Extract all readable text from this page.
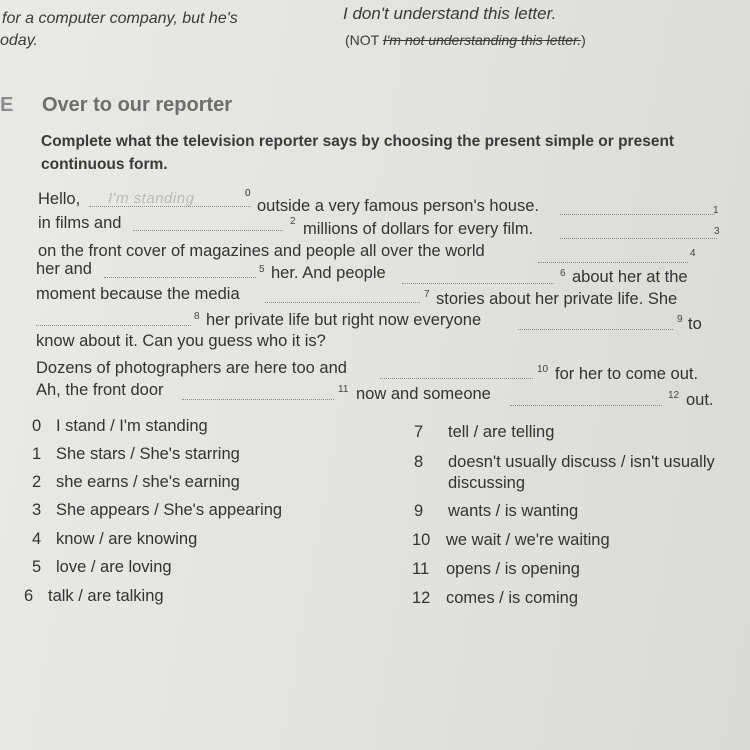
for a computer company, but he's
oday.
I don't understand this letter.
(NOT I'm not understanding this letter.)
E Over to our reporter
Complete what the television reporter says by choosing the present simple or present
continuous form.
Hello, I'm standing	$^0$
outside a very famous person's house.	1
in films and	2 millions of dollars for every film.	3
on the front cover of magazines and people all over the world	4
her and	5 her. And people	6 about her at the
moment because the media	7 stories about her private life. She
8 her private life but right now everyone	9 to
know about it. Can you guess who it is?
Dozens of photographers are here too and	10 for her to come out.
Ah, the front door	11 now and someone	12 out.
0 I stand / I'm standing
1 She stars / She's starring
2 she earns / she's earning
3 She appears / She's appearing
4 know / are knowing
5 love / are loving
6 talk / are talking
7 tell / are telling
8 doesn't usually discuss / isn't usually
discussing
9 wants / is wanting
10 we wait / we're waiting
11 opens / is opening
12 comes / is coming
